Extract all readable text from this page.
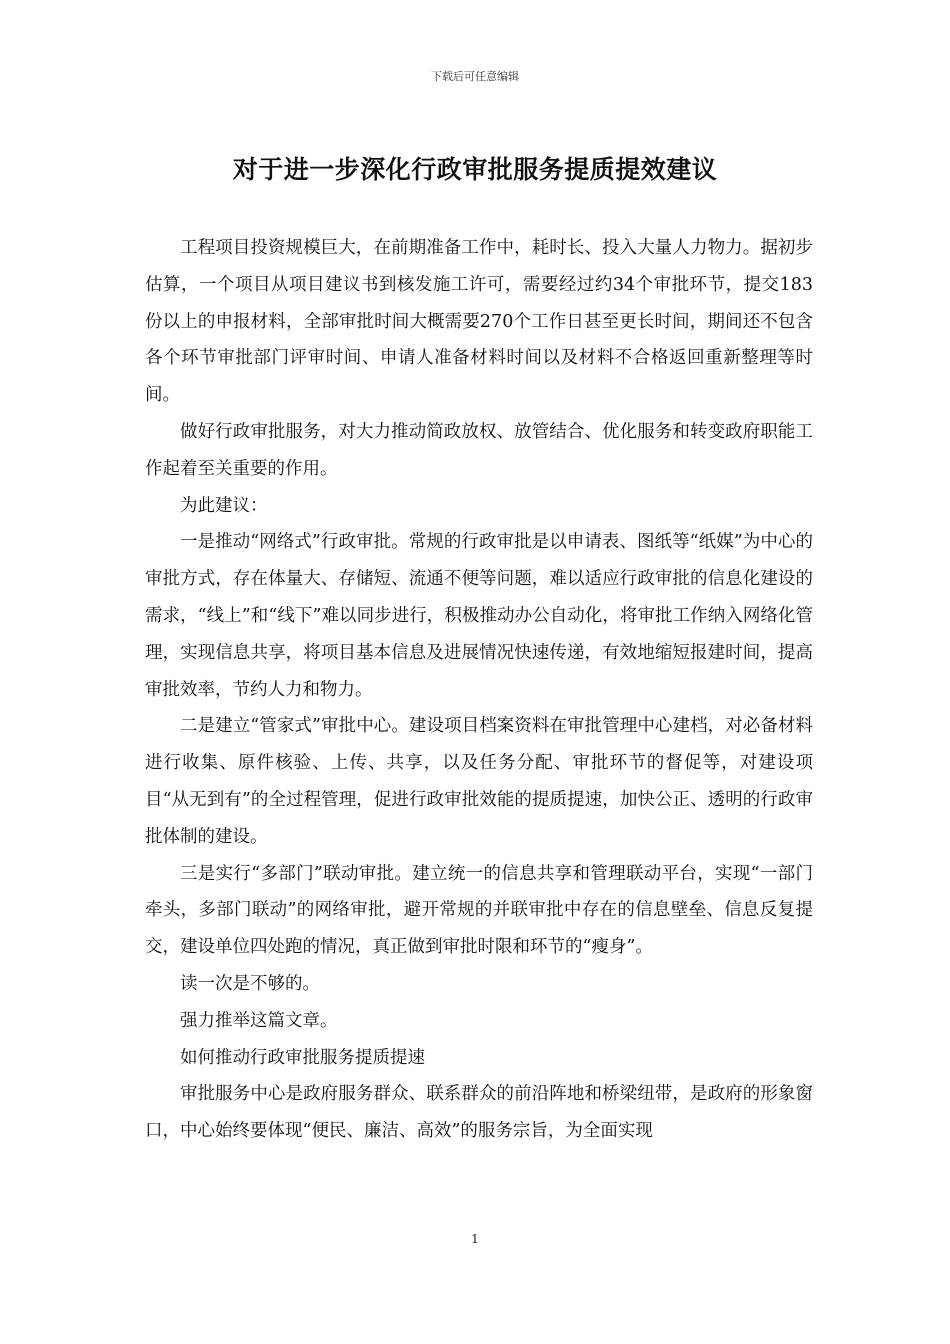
下载后可任意编辑
对于进一步深化行政审批服务提质提效建议

工程项目投资规模巨大，在前期准备工作中，耗时长、投入大量人力物力。据初步估算，一个项目从项目建议书到核发施工许可，需要经过约34个审批环节，提交183份以上的申报材料，全部审批时间大概需要270个工作日甚至更长时间，期间还不包含各个环节审批部门评审时间、申请人准备材料时间以及材料不合格返回重新整理等时间。

做好行政审批服务，对大力推动简政放权、放管结合、优化服务和转变政府职能工作起着至关重要的作用。

为此建议：

一是推动“网络式”行政审批。常规的行政审批是以申请表、图纸等“纸媒”为中心的审批方式，存在体量大、存储短、流通不便等问题，难以适应行政审批的信息化建设的需求，“线上”和“线下”难以同步进行，积极推动办公自动化，将审批工作纳入网络化管理，实现信息共享，将项目基本信息及进展情况快速传递，有效地缩短报建时间，提高审批效率，节约人力和物力。

二是建立“管家式”审批中心。建设项目档案资料在审批管理中心建档，对必备材料进行收集、原件核验、上传、共享，以及任务分配、审批环节的督促等，对建设项目“从无到有”的全过程管理，促进行政审批效能的提质提速，加快公正、透明的行政审批体制的建设。

三是实行“多部门”联动审批。建立统一的信息共享和管理联动平台，实现“一部门牵头，多部门联动”的网络审批，避开常规的并联审批中存在的信息壁垒、信息反复提交，建设单位四处跑的情况，真正做到审批时限和环节的“瘦身”。

读一次是不够的。

强力推举这篇文章。

如何推动行政审批服务提质提速

审批服务中心是政府服务群众、联系群众的前沿阵地和桥梁纽带，是政府的形象窗口，中心始终要体现“便民、廉洁、高效”的服务宗旨，为全面实现

1
